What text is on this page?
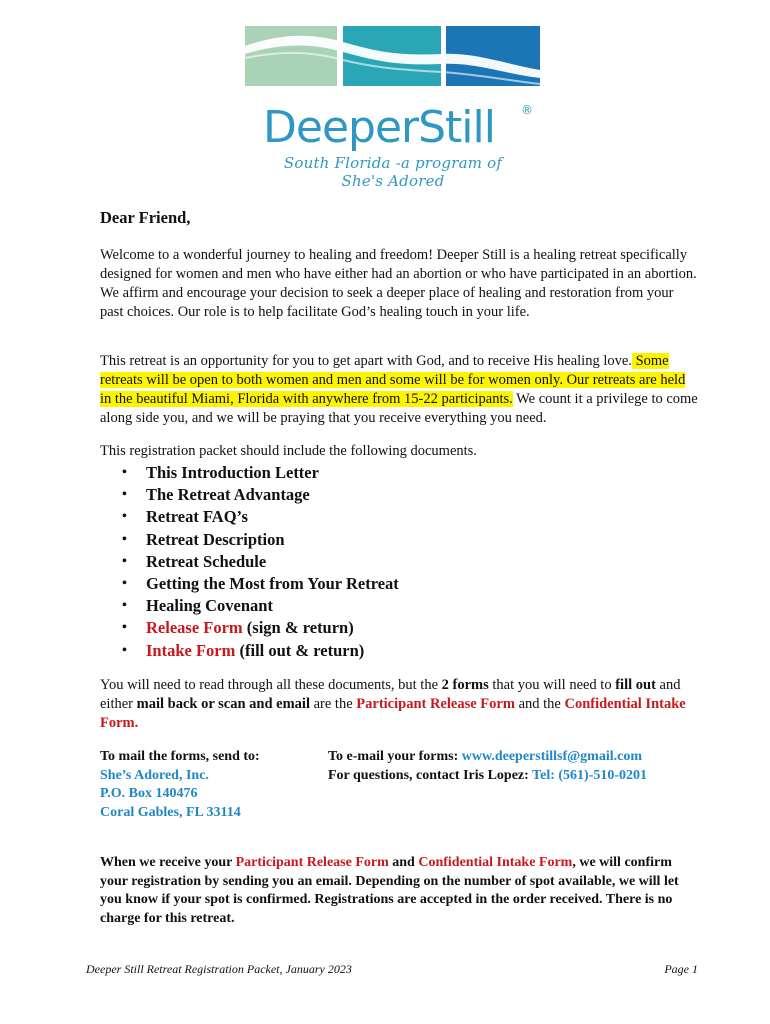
DeeperStill ®
South Florida -a program of She's Adored
Dear Friend,
Welcome to a wonderful journey to healing and freedom! Deeper Still is a healing retreat specifically designed for women and men who have either had an abortion or who have participated in an abortion. We affirm and encourage your decision to seek a deeper place of healing and restoration from your past choices. Our role is to help facilitate God’s healing touch in your life.
This retreat is an opportunity for you to get apart with God, and to receive His healing love. Some retreats will be open to both women and men and some will be for women only. Our retreats are held in the beautiful Miami, Florida with anywhere from 15-22 participants. We count it a privilege to come along side you, and we will be praying that you receive everything you need.
This registration packet should include the following documents.
• This Introduction Letter
• The Retreat Advantage
• Retreat FAQ’s
• Retreat Description
• Retreat Schedule
• Getting the Most from Your Retreat
• Healing Covenant
• Release Form (sign & return)
• Intake Form (fill out & return)
You will need to read through all these documents, but the 2 forms that you will need to fill out and either mail back or scan and email are the Participant Release Form and the Confidential Intake Form.
To mail the forms, send to:
She’s Adored, Inc.
P.O. Box 140476
Coral Gables, FL 33114
To e-mail your forms: www.deeperstillsf@gmail.com
For questions, contact Iris Lopez: Tel: (561)-510-0201
When we receive your Participant Release Form and Confidential Intake Form, we will confirm your registration by sending you an email. Depending on the number of spot available, we will let you know if your spot is confirmed. Registrations are accepted in the order received. There is no charge for this retreat.
Deeper Still Retreat Registration Packet, January 2023	Page 1
